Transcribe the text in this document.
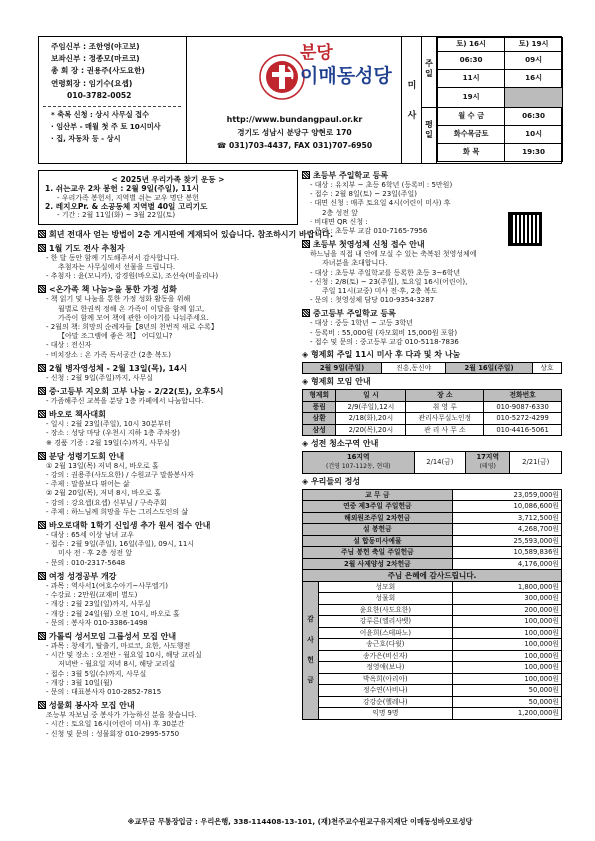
주임신부 : 조한영(야고보)
보좌신부 : 정종모(마르코)
총 회 장 : 권용주(사도요한)
연령회장 : 임기수(요셉)
010-3782-0052
* 축복 신청 : 상시 사무실 접수
· 임산부 - 매월 첫 주 토 10시미사
· 집, 자동차 등 - 상시
분당
이매동성당
http://www.bundangpaul.or.kr
경기도 성남시 분당구 양현로 170
☎ 031)703-4437, FAX 031)707-6950
미
사
주
일
평
일
토) 16시	토) 19시
06:30	09시
11시	16시
19시	
월 수 금	06:30
화수목금토	10시
화 목	19:30
< 2025년 우리가족 찾기 운동 >
1. 쉬는교우 2차 봉헌 : 2월 9일(주일), 11시
- 우리가족 봉헌서, 지역별 쉬는 교우 명단 봉헌
2. 레지오Pr. & 소공동체 지역별 40일 고리기도
- 기간 : 2월 11일(화) ~ 3월 22일(토)
회년 전대사 얻는 방법이 2층 게시판에 게재되어 있습니다. 참조하시기 바랍니다.
1월 기도 전사 추첨자
- 한 달 동안 함께 기도해주셔서 감사합니다.
추첨자는 사무실에서 선물을 드립니다.
- 추첨자 : 윤(모니카), 강경원(바오로), 조선숙(비올리나)
<온가족 책 나눔>을 통한 가정 성화
- 책 읽기 및 나눔을 통한 가정 성화 활동을 위해
월별로 한권씩 정해 온 가족이 이달을 함께 읽고,
가족이 함께 모여 책에 관한 이야기를 나눠주세요.
- 2월의 책: 희망의 순례자들【8년의 천번적 새로 수록】
【아말 조그램에 좋은 책】 어디있니?
- 대상 : 전신자
- 비치장소 : 온 가족 독서공간 (2층 복도)
2월 병자영성체 - 2월 13일(목), 14시
- 신청 : 2월 9일(주일)까지, 사무실
중·고등부 지오회 고부 나눔 - 2/22(토), 오후5시
- 가즘해주신 교복을 분당 1층 카페에서 나눔합니다.
바오로 책사대회
- 일시 : 2월 23일(주일), 10시 30분부터
- 장소 : 성당 마당 (우천시 지하 1층 주차장)
※ 경품 기증 : 2월 19일(수)까지, 사무실
분당 성령기도회 안내
① 2월 13일(목) 저녁 8시, 바오로 홀
- 강의 : 권용주(사도요한) / 수원교구 말씀봉사자
- 주제 : 말씀보다 뛰어는 삶
② 2월 20일(목), 저녁 8시, 바오로 홀
- 강의 : 강요셉(요셉) 신부님 / 구속주회
- 주제 : 하느님께 희망을 두는 그리스도인의 삶
바오로대학 1학기 신입생 추가 원서 접수 안내
- 대상 : 65세 이상 남녀 교우
- 접수 : 2월 9일(주일), 16일(주일), 09시, 11시
미사 전 · 후 2층 성전 앞
- 문의 : 010-2317-5648
여정 성경공부 개강
- 과목 : 역사서1(여호수아기~사무엘기)
- 수강료 : 2만원(교재비 별도)
- 개강 : 2월 23일(일)까지, 사무실
- 개강 : 2월 24일(월) 오전 10시, 바오로 홀
- 문의 : 봉사자 010-3386-1498
가톨릭 성서모임 그룹성서 모집 안내
- 과목 : 창세기, 탈출기, 마르코, 요한, 사도행전
- 시간 및 장소 : 오전반 - 월요일 10시, 해당 교리실
저녁반 - 월요일 저녁 8시, 해당 교리실
- 접수 : 3월 5일(수)까지, 사무실
- 개강 : 3월 10일(월)
- 문의 : 대표봉사자 010-2852-7815
성물회 봉사자 모집 안내
조능부 자보님 중 봉사가 가능하신 분을 찾습니다.
- 시간 : 토요일 16시(어린이 미사) 후 30분간
- 신청 및 문의 : 성물회장 010-2995-5750
초등부 주일학교 등록
- 대상 : 유치부 ~ 초등 6학년 (등록비 : 5만원)
- 접수 : 2월 8일(토) ~ 23일(주일)
· 대면 신청 : 매주 토요일 4시(어린이 미사) 후
2층 성전 앞
· 비대면 QR 신청 :
- 문의 : 초등부 교감 010-7165-7956
초등부 첫영성체 신청 접수 안내
하느님을 직접 내 안에 모실 수 있는 축복된 첫영성체에
자녀분을 초대합니다.
- 대상 : 초등부 주일학교를 등록한 초등 3~6학년
- 신청 : 2/8(토) ~ 23(주일), 토요일 16시(어린이),
주일 11시(교중) 미사 전·후, 2층 복도
- 문의 : 첫영성체 담당 010-9354-3287
중고등부 주일학교 등록
- 대상 : 중등 1학년 ~ 고등 3학년
- 등록비 : 55,000원 (자모회비 15,000원 포함)
- 접수 및 문의 : 중고등부 교감 010-5118-7836
◈ 형제회 주일 11시 미사 후 다과 및 차 나눔
2월 9일(주일)	진흥,동신야	2월 16일(주일)	상호
◈ 형제회 모임 안내
형제회	일 시	장 소	전화번호
풍림	2/9(주일),12시	취 영 루	010-9087-6330
삼환	2/18(화),20시	관리사무실노인정	010-5272-4299
삼성	2/20(목),20시	관 리 사 무 소	010-4416-5061
◈ 성전 청소구역 안내
16지역
(건영 107-112동, 현대)	2/14(금)	17지역
(태영)	2/21(금)
◈ 우리들의 정성
교 무 금		23,059,000원
연중 제3주일 주일헌금		10,086,600원
해외원조주일 2차헌금		3,712,500원
설 봉헌금		4,268,700원
설 합동미사예물		25,593,000원
주님 봉헌 축일 주일헌금		10,589,836원
2월 사제양성 2차헌금		4,176,000원
주님 은혜에 감사드립니다.		

감
사
헌
금	성모회	1,800,000원
	성물회	300,000원
	윤요한(사도요한)	200,000원
	강루른(엘리사벳)	100,000원
	이윤희(스테파노)	100,000원
	송근호(다윗)	100,000원
	송가은(비신자)	100,000원
	정영애(보나)	100,000원
	박옥희(아리아)	100,000원
	정수연(사비나)	50,000원
	강강순(헬레나)	50,000원
	익명 9명	1,200,000원
※교무금 무통장입금 : 우리은행, 338-114408-13-101, (재)천주교수원교구유지재단 이매동성바오로성당
